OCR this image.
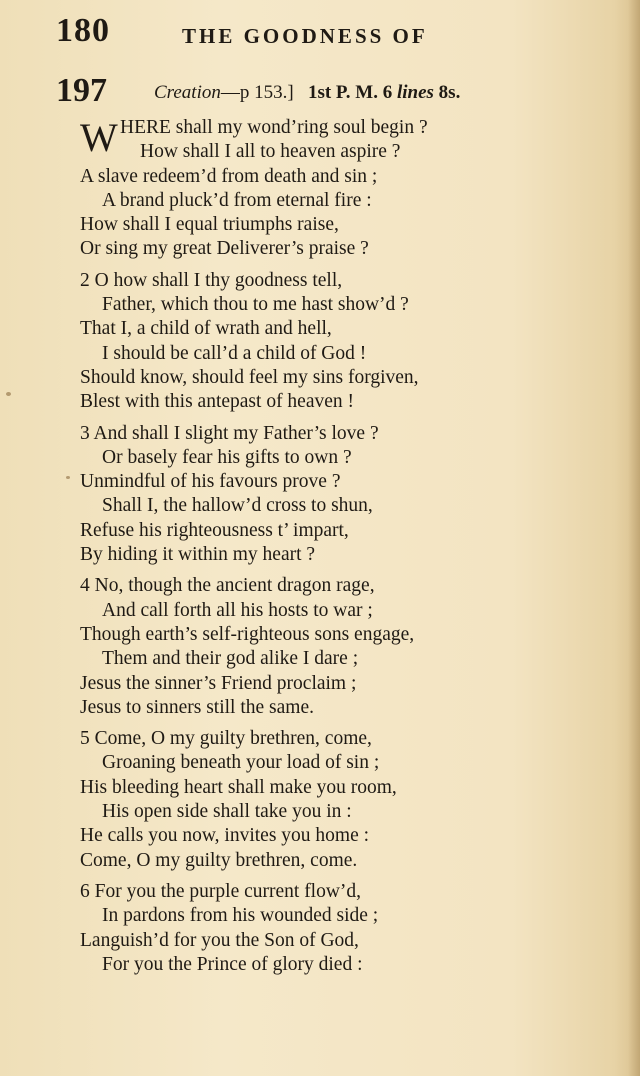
180	THE GOODNESS OF
197 Creation—p 153.] 1st P. M. 6 lines 8s.
W HERE shall my wond’ring soul begin ?
How shall I all to heaven aspire ?
A slave redeem’d from death and sin ;
A brand pluck’d from eternal fire :
How shall I equal triumphs raise,
Or sing my great Deliverer’s praise ?
2 O how shall I thy goodness tell,
Father, which thou to me hast show’d ?
That I, a child of wrath and hell,
I should be call’d a child of God !
Should know, should feel my sins forgiven,
Blest with this antepast of heaven !
3 And shall I slight my Father’s love ?
Or basely fear his gifts to own ?
Unmindful of his favours prove ?
Shall I, the hallow’d cross to shun,
Refuse his righteousness t’ impart,
By hiding it within my heart ?
4 No, though the ancient dragon rage,
And call forth all his hosts to war ;
Though earth’s self-righteous sons engage,
Them and their god alike I dare ;
Jesus the sinner’s Friend proclaim ;
Jesus to sinners still the same.
5 Come, O my guilty brethren, come,
Groaning beneath your load of sin ;
His bleeding heart shall make you room,
His open side shall take you in :
He calls you now, invites you home :
Come, O my guilty brethren, come.
6 For you the purple current flow’d,
In pardons from his wounded side ;
Languish’d for you the Son of God,
For you the Prince of glory died :
